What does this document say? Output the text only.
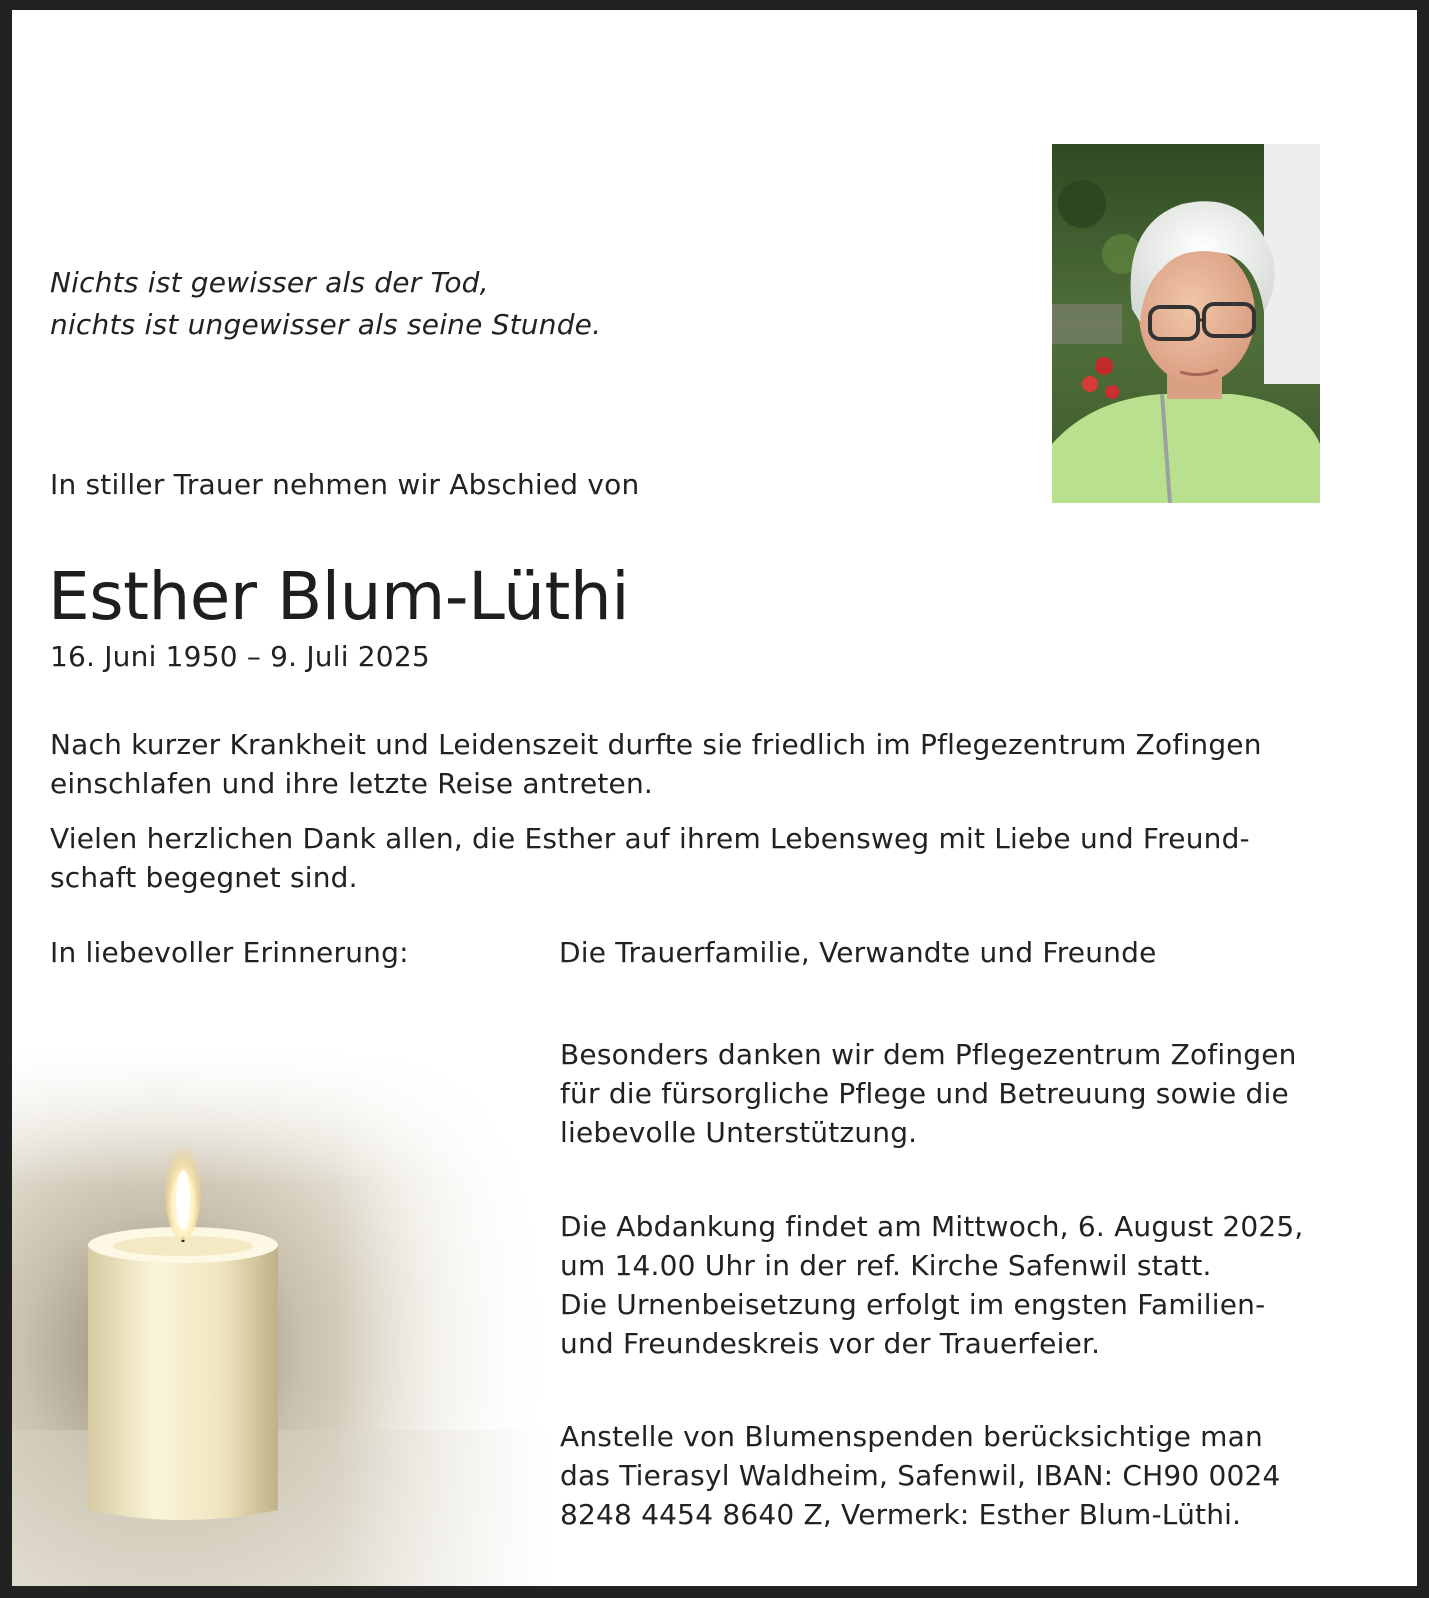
Nichts ist gewisser als der Tod,
nichts ist ungewisser als seine Stunde.
In stiller Trauer nehmen wir Abschied von
Esther Blum-Lüthi
16. Juni 1950 – 9. Juli 2025
Nach kurzer Krankheit und Leidenszeit durfte sie friedlich im Pflegezentrum Zofingen
einschlafen und ihre letzte Reise antreten.
Vielen herzlichen Dank allen, die Esther auf ihrem Lebensweg mit Liebe und Freund-
schaft begegnet sind.
In liebevoller Erinnerung:	Die Trauerfamilie, Verwandte und Freunde
Besonders danken wir dem Pflegezentrum Zofingen
für die fürsorgliche Pflege und Betreuung sowie die
liebevolle Unterstützung.
Die Abdankung findet am Mittwoch, 6. August 2025,
um 14.00 Uhr in der ref. Kirche Safenwil statt.
Die Urnenbeisetzung erfolgt im engsten Familien-
und Freundeskreis vor der Trauerfeier.
Anstelle von Blumenspenden berücksichtige man
das Tierasyl Waldheim, Safenwil, IBAN: CH90 0024
8248 4454 8640 Z, Vermerk: Esther Blum-Lüthi.
